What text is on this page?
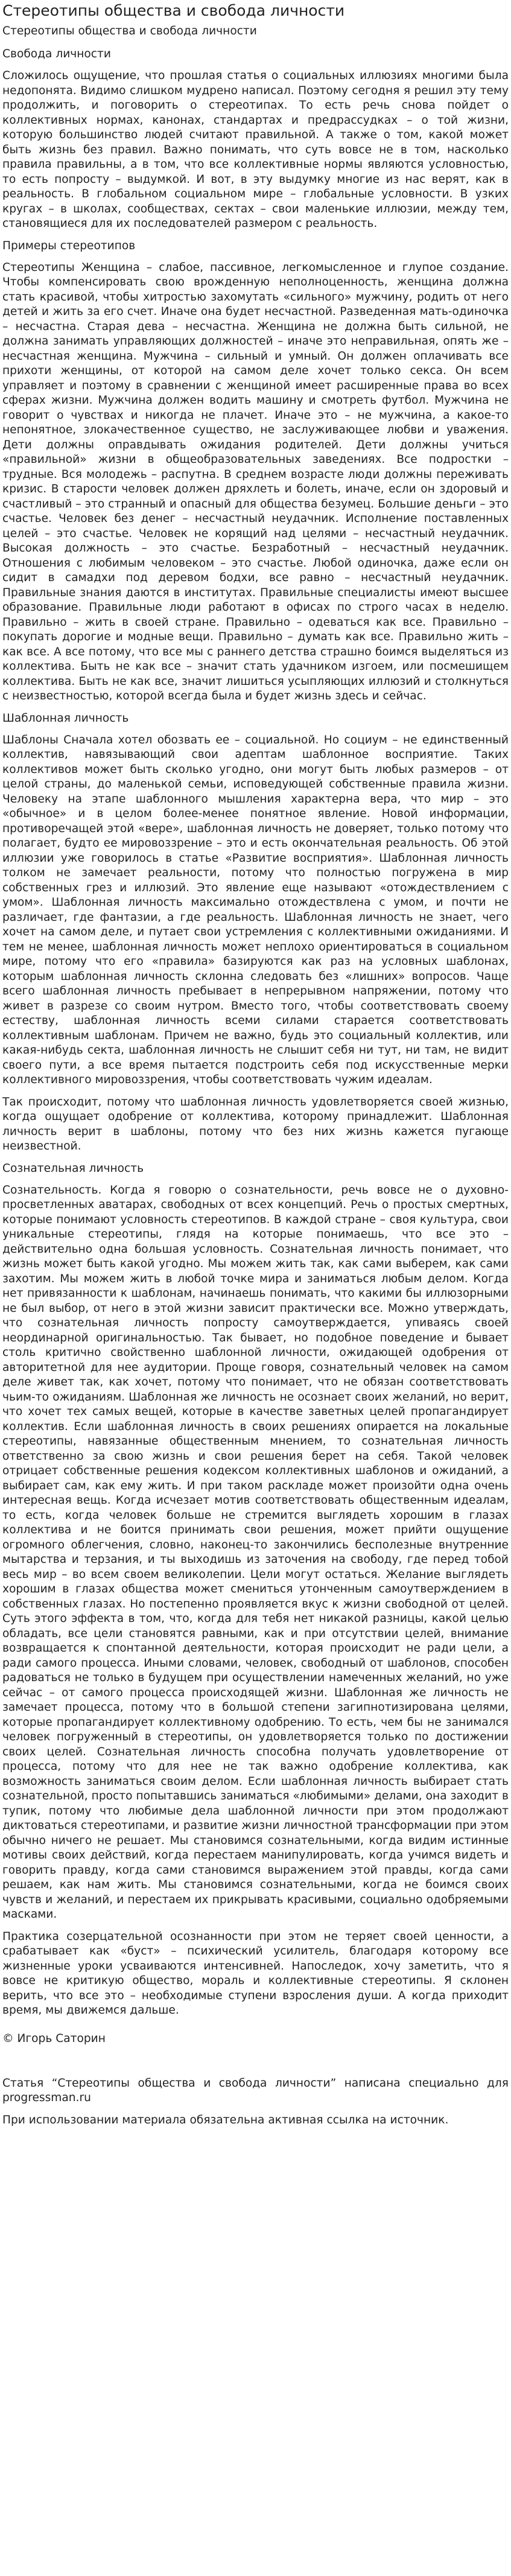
Стереотипы общества и свобода личности
Стереотипы общества и свобода личности
Свобода личности

Сложилось ощущение, что прошлая статья о социальных иллюзиях многими была недопонята. Видимо слишком мудрено написал. Поэтому сегодня я решил эту тему продолжить, и поговорить о стереотипах. То есть речь снова пойдет о коллективных нормах, канонах, стандартах и предрассудках – о той жизни, которую большинство людей считают правильной. А также о том, какой может быть жизнь без правил. Важно понимать, что суть вовсе не в том, насколько правила правильны, а в том, что все коллективные нормы являются условностью, то есть попросту – выдумкой. И вот, в эту выдумку многие из нас верят, как в реальность. В глобальном социальном мире – глобальные условности. В узких кругах – в школах, сообществах, сектах – свои маленькие иллюзии, между тем, становящиеся для их последователей размером с реальность.

Примеры стереотипов

Стереотипы Женщина – слабое, пассивное, легкомысленное и глупое создание. Чтобы компенсировать свою врожденную неполноценность, женщина должна стать красивой, чтобы хитростью захомутать «сильного» мужчину, родить от него детей и жить за его счет. Иначе она будет несчастной. Разведенная мать-одиночка – несчастна. Старая дева – несчастна. Женщина не должна быть сильной, не должна занимать управляющих должностей – иначе это неправильная, опять же – несчастная женщина. Мужчина – сильный и умный. Он должен оплачивать все прихоти женщины, от которой на самом деле хочет только секса. Он всем управляет и поэтому в сравнении с женщиной имеет расширенные права во всех сферах жизни. Мужчина должен водить машину и смотреть футбол. Мужчина не говорит о чувствах и никогда не плачет. Иначе это – не мужчина, а какое-то непонятное, злокачественное существо, не заслуживающее любви и уважения. Дети должны оправдывать ожидания родителей. Дети должны учиться «правильной» жизни в общеобразовательных заведениях. Все подростки – трудные. Вся молодежь – распутна. В среднем возрасте люди должны переживать кризис. В старости человек должен дряхлеть и болеть, иначе, если он здоровый и счастливый – это странный и опасный для общества безумец. Большие деньги – это счастье. Человек без денег – несчастный неудачник. Исполнение поставленных целей – это счастье. Человек не корящий над целями – несчастный неудачник. Высокая должность – это счастье. Безработный – несчастный неудачник. Отношения с любимым человеком – это счастье. Любой одиночка, даже если он сидит в самадхи под деревом бодхи, все равно – несчастный неудачник. Правильные знания даются в институтах. Правильные специалисты имеют высшее образование. Правильные люди работают в офисах по строго часах в неделю. Правильно – жить в своей стране. Правильно – одеваться как все. Правильно – покупать дорогие и модные вещи. Правильно – думать как все. Правильно жить – как все. А все потому, что все мы с раннего детства страшно боимся выделяться из коллектива. Быть не как все – значит стать удачником изгоем, или посмешищем коллектива. Быть не как все, значит лишиться усыпляющих иллюзий и столкнуться с неизвестностью, которой всегда была и будет жизнь здесь и сейчас.

Шаблонная личность

Шаблоны Сначала хотел обозвать ее – социальной. Но социум – не единственный коллектив, навязывающий свои адептам шаблонное восприятие. Таких коллективов может быть сколько угодно, они могут быть любых размеров – от целой страны, до маленькой семьи, исповедующей собственные правила жизни. Человеку на этапе шаблонного мышления характерна вера, что мир – это «обычное» и в целом более-менее понятное явление. Новой информации, противоречащей этой «вере», шаблонная личность не доверяет, только потому что полагает, будто ее мировоззрение – это и есть окончательная реальность. Об этой иллюзии уже говорилось в статье «Развитие восприятия». Шаблонная личность толком не замечает реальности, потому что полностью погружена в мир собственных грез и иллюзий. Это явление еще называют «отождествлением с умом». Шаблонная личность максимально отождествлена с умом, и почти не различает, где фантазии, а где реальность. Шаблонная личность не знает, чего хочет на самом деле, и путает свои устремления с коллективными ожиданиями. И тем не менее, шаблонная личность может неплохо ориентироваться в социальном мире, потому что его «правила» базируются как раз на условных шаблонах, которым шаблонная личность склонна следовать без «лишних» вопросов. Чаще всего шаблонная личность пребывает в непрерывном напряжении, потому что живет в разрезе со своим нутром. Вместо того, чтобы соответствовать своему естеству, шаблонная личность всеми силами старается соответствовать коллективным шаблонам. Причем не важно, будь это социальный коллектив, или какая-нибудь секта, шаблонная личность не слышит себя ни тут, ни там, не видит своего пути, а все время пытается подстроить себя под искусственные мерки коллективного мировоззрения, чтобы соответствовать чужим идеалам.

Так происходит, потому что шаблонная личность удовлетворяется своей жизнью, когда ощущает одобрение от коллектива, которому принадлежит. Шаблонная личность верит в шаблоны, потому что без них жизнь кажется пугающе неизвестной.

Сознательная личность

Сознательность. Когда я говорю о сознательности, речь вовсе не о духовно-просветленных аватарах, свободных от всех концепций. Речь о простых смертных, которые понимают условность стереотипов. В каждой стране – своя культура, свои уникальные стереотипы, глядя на которые понимаешь, что все это – действительно одна большая условность. Сознательная личность понимает, что жизнь может быть какой угодно. Мы можем жить так, как сами выберем, как сами захотим. Мы можем жить в любой точке мира и заниматься любым делом. Когда нет привязанности к шаблонам, начинаешь понимать, что какими бы иллюзорными не был выбор, от него в этой жизни зависит практически все. Можно утверждать, что сознательная личность попросту самоутверждается, упиваясь своей неординарной оригинальностью. Так бывает, но подобное поведение и бывает столь критично свойственно шаблонной личности, ожидающей одобрения от авторитетной для нее аудитории. Проще говоря, сознательный человек на самом деле живет так, как хочет, потому что понимает, что не обязан соответствовать чьим-то ожиданиям. Шаблонная же личность не осознает своих желаний, но верит, что хочет тех самых вещей, которые в качестве заветных целей пропагандирует коллектив. Если шаблонная личность в своих решениях опирается на локальные стереотипы, навязанные общественным мнением, то сознательная личность ответственно за свою жизнь и свои решения берет на себя. Такой человек отрицает собственные решения кодексом коллективных шаблонов и ожиданий, а выбирает сам, как ему жить. И при таком раскладе может произойти одна очень интересная вещь. Когда исчезает мотив соответствовать общественным идеалам, то есть, когда человек больше не стремится выглядеть хорошим в глазах коллектива и не боится принимать свои решения, может прийти ощущение огромного облегчения, словно, наконец-то закончились бесполезные внутренние мытарства и терзания, и ты выходишь из заточения на свободу, где перед тобой весь мир – во всем своем великолепии. Цели могут остаться. Желание выглядеть хорошим в глазах общества может смениться утонченным самоутверждением в собственных глазах. Но постепенно проявляется вкус к жизни свободной от целей. Суть этого эффекта в том, что, когда для тебя нет никакой разницы, какой целью обладать, все цели становятся равными, как и при отсутствии целей, внимание возвращается к спонтанной деятельности, которая происходит не ради цели, а ради самого процесса. Иными словами, человек, свободный от шаблонов, способен радоваться не только в будущем при осуществлении намеченных желаний, но уже сейчас – от самого процесса происходящей жизни. Шаблонная же личность не замечает процесса, потому что в большой степени загипнотизирована целями, которые пропагандирует коллективному одобрению. То есть, чем бы не занимался человек погруженный в стереотипы, он удовлетворяется только по достижении своих целей. Сознательная личность способна получать удовлетворение от процесса, потому что для нее не так важно одобрение коллектива, как возможность заниматься своим делом. Если шаблонная личность выбирает стать сознательной, просто попытавшись заниматься «любимыми» делами, она заходит в тупик, потому что любимые дела шаблонной личности при этом продолжают диктоваться стереотипами, и развитие жизни личностной трансформации при этом обычно ничего не решает. Мы становимся сознательными, когда видим истинные мотивы своих действий, когда перестаем манипулировать, когда учимся видеть и говорить правду, когда сами становимся выражением этой правды, когда сами решаем, как нам жить. Мы становимся сознательными, когда не боимся своих чувств и желаний, и перестаем их прикрывать красивыми, социально одобряемыми масками.

Практика созерцательной осознанности при этом не теряет своей ценности, а срабатывает как «буст» – психический усилитель, благодаря которому все жизненные уроки усваиваются интенсивней. Напоследок, хочу заметить, что я вовсе не критикую общество, мораль и коллективные стереотипы. Я склонен верить, что все это – необходимые ступени взросления души. А когда приходит время, мы движемся дальше.

© Игорь Саторин

Статья “Стереотипы общества и свобода личности” написана специально для progressman.ru

При использовании материала обязательна активная ссылка на источник.
